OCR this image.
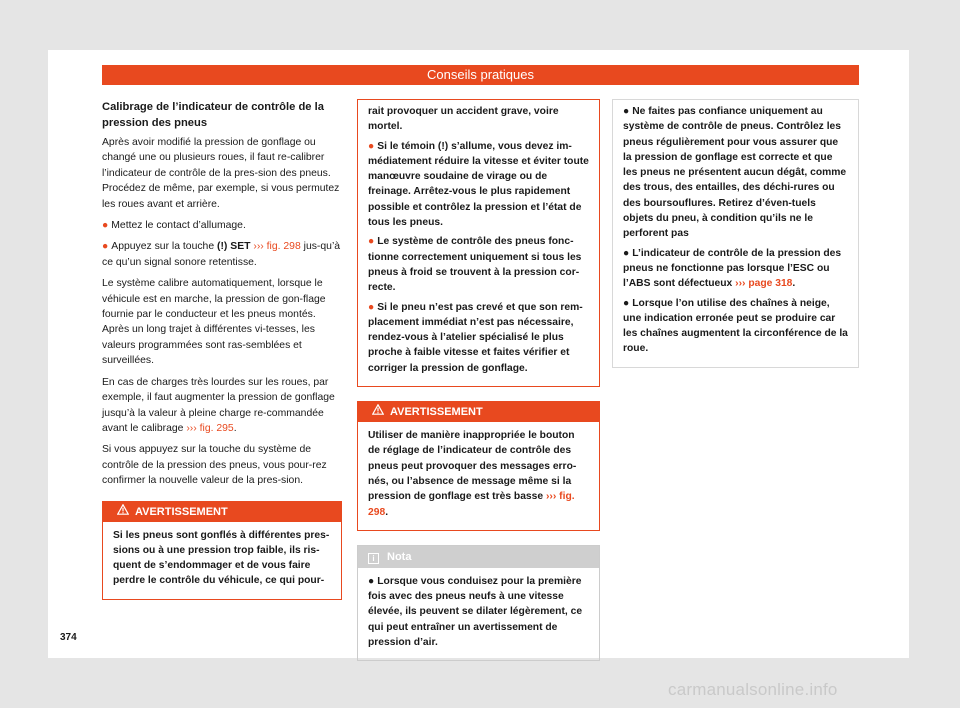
Conseils pratiques
Calibrage de l’indicateur de contrôle de la pression des pneus

Après avoir modifié la pression de gonflage ou changé une ou plusieurs roues, il faut re-calibrer l’indicateur de contrôle de la pres-sion des pneus. Procédez de même, par exemple, si vous permutez les roues avant et arrière.

● Mettez le contact d’allumage.

● Appuyez sur la touche (!) SET ››› fig. 298 jus-qu’à ce qu’un signal sonore retentisse.

Le système calibre automatiquement, lorsque le véhicule est en marche, la pression de gon-flage fournie par le conducteur et les pneus montés. Après un long trajet à différentes vi-tesses, les valeurs programmées sont ras-semblées et surveillées.

En cas de charges très lourdes sur les roues, par exemple, il faut augmenter la pression de gonflage jusqu’à la valeur à pleine charge re-commandée avant le calibrage ››› fig. 295.

Si vous appuyez sur la touche du système de contrôle de la pression des pneus, vous pour-rez confirmer la nouvelle valeur de la pres-sion.

AVERTISSEMENT

Si les pneus sont gonflés à différentes pres-sions ou à une pression trop faible, ils ris-quent de s’endommager et de vous faire perdre le contrôle du véhicule, ce qui pour-

rait provoquer un accident grave, voire mortel.

● Si le témoin (!) s’allume, vous devez im-médiatement réduire la vitesse et éviter toute manœuvre soudaine de virage ou de freinage. Arrêtez-vous le plus rapidement possible et contrôlez la pression et l’état de tous les pneus.

● Le système de contrôle des pneus fonc-tionne correctement uniquement si tous les pneus à froid se trouvent à la pression cor-recte.

● Si le pneu n’est pas crevé et que son rem-placement immédiat n’est pas nécessaire, rendez-vous à l’atelier spécialisé le plus proche à faible vitesse et faites vérifier et corriger la pression de gonflage.

AVERTISSEMENT

Utiliser de manière inappropriée le bouton de réglage de l’indicateur de contrôle des pneus peut provoquer des messages erro-nés, ou l’absence de message même si la pression de gonflage est très basse ››› fig. 298.

i Nota

● Lorsque vous conduisez pour la première fois avec des pneus neufs à une vitesse élevée, ils peuvent se dilater légèrement, ce qui peut entraîner un avertissement de pression d’air.

● Ne faites pas confiance uniquement au système de contrôle de pneus. Contrôlez les pneus régulièrement pour vous assurer que la pression de gonflage est correcte et que les pneus ne présentent aucun dégât, comme des trous, des entailles, des déchi-rures ou des boursouflures. Retirez d’éven-tuels objets du pneu, à condition qu’ils ne le perforent pas

● L’indicateur de contrôle de la pression des pneus ne fonctionne pas lorsque l’ESC ou l’ABS sont défectueux ››› page 318.

● Lorsque l’on utilise des chaînes à neige, une indication erronée peut se produire car les chaînes augmentent la circonférence de la roue.

374
carmanualsonline.info
